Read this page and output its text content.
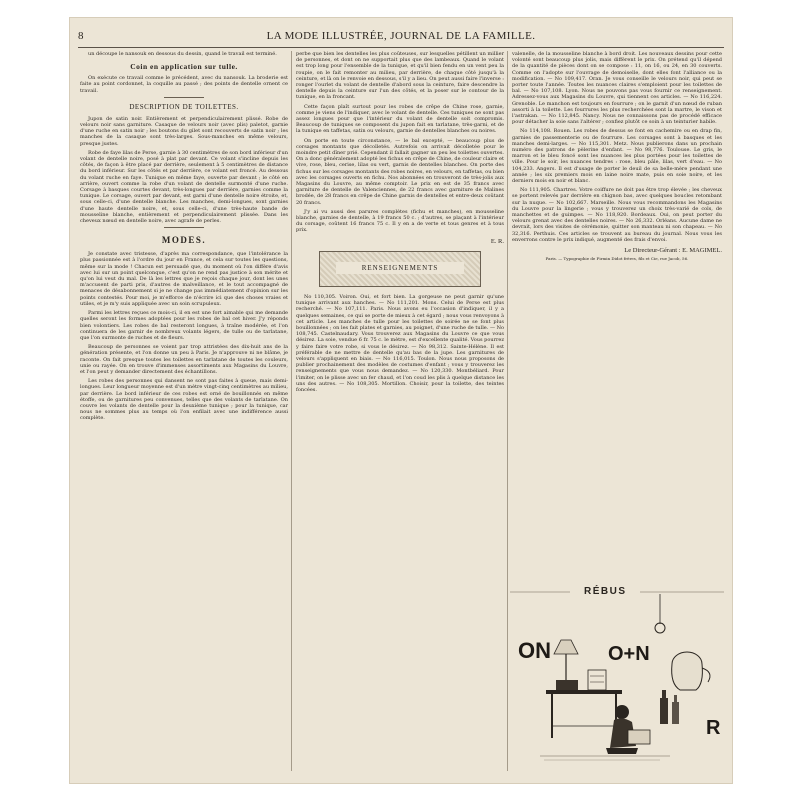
8	LA MODE ILLUSTRÉE, JOURNAL DE LA FAMILLE.

un découpe le nansouk en dessous du dessin, quand le travail est terminé.

Coin en application sur tulle.

On exécute ce travail comme le précédent, avec du nansouk. La broderie est faite au point cordonnet, la coquille au passé ; des points de dentelle ornent ce travail.

DESCRIPTION DE TOILETTES.

Jupon de satin noir. Entièrement et perpendiculairement plissé. Robe de velours noir sans garniture. Casaque de velours noir (avec plis) paletot, garnie d'une ruche en satin noir ; les boutons du gilet sont recouverts de satin noir ; les manches de la casaque sont très-larges. Sous-manches en même velours, presque justes.

Robe de faye lilas de Perse, garnie à 30 centimètres de son bord inférieur d'un volant de dentelle noire, posé à plat par devant. Ce volant s'incline depuis les côtés, de façon à être placé par derrière, seulement à 5 centimètres de distance du bord inférieur. Sur les côtés et par derrière, ce volant est froncé. Au dessous du volant ruche en faye. Tunique en même faye, ouverte par devant ; le côté en arrière, ouvert comme la robe d'un volant de dentelle surmonté d'une ruche. Corsage à basques courtes devant, très-longues par derrière, garnies comme la tunique. Le corsage, ouvert par devant, est garni d'une dentelle noire étroite, et, sous celle-ci, d'une dentelle blanche. Les manches, demi-longues, sont garnies d'une haute dentelle noire, et, sous celle-ci, d'une très-haute bande de mousseline blanche, entièrement et perpendiculairement plissée. Dans les cheveux nœud en dentelle noire, avec agrafe de perles.

MODES.

Je constate avec tristesse, d'après ma correspondance, que l'intolérance la plus passionnée est à l'ordre du jour en France, et cela sur toutes les questions, même sur la mode ! Chacun est persuadé que, du moment où l'on diffère d'avis avec lui sur un point quelconque, c'est qu'on ne rend pas justice à son mérite et qu'on lui veut du mal. De là les lettres que je reçois chaque jour, dont les unes m'accusent de parti pris, d'autres de malveillance, et le tout accompagné de menaces de désabonnement si je ne change pas immédiatement d'opinion sur les points contestés. Pour moi, je m'efforce de n'écrire ici que des choses vraies et utiles, et je m'y suis appliquée avec un soin scrupuleux.

Parmi les lettres reçues ce mois-ci, il en est une fort aimable qui me demande quelles seront les formes adoptées pour les robes de bal cet hiver. J'y réponds bien volontiers. Les robes de bal resteront longues, à traîne modérée, et l'on continuera de les garnir de nombreux volants légers, de tulle ou de tarlatane, que l'on surmonte de ruches et de fleurs.

Beaucoup de personnes se voient par trop attristées des dix-huit ans de la génération présente, et l'on donne un peu à Paris. Je n'approuve ni ne blâme, je raconte. On fait presque toutes les toilettes en tarlatane de toutes les couleurs, unie ou rayée. On en trouve d'immenses assortiments aux Magasins du Louvre, et l'on peut y demander directement des échantillons.

Les robes des personnes qui dansent ne sont pas faites à queue, mais demi-longues. Leur longueur moyenne est d'un mètre vingt-cinq centimètres au milieu, par derrière. Le bord inférieur de ces robes est orné de bouillonnés en même étoffe, ou de garnitures peu convenues, telles que des volants de tarlatane. On couvre les volants de dentelle pour la deuxième tunique ; pour la tunique, car nous ne sommes plus au temps où l'on enfilait avec une indifférence aussi complète.

perbe que bien les dentelles les plus coûteuses, sur lesquelles pétillent un millier de personnes, et dont on ne supportait plus que des lambeaux. Quand le volant est trop long pour l'ensemble de la tunique, et qu'il bien fendu en un vent peu la roupie, on le fait remonter au milieu, par derrière, de chaque côté jusqu'à la ceinture, et là on le renvoie en dessous, s'il y a lieu. On peut aussi faire l'inverse : ronger l'ourlet du volant de dentelle d'abord sous la ceinture, faire descendre la dentelle depuis la ceinture sur l'un des côtés, et la poser sur le contour de la tunique, en la froncant.

Cette façon plaît surtout pour les robes de crêpe de Chine rose, garnie, comme je viens de l'indiquer, avec le volant de dentelle. Ces tuniques ne sont pas assez longues pour que l'intérieur du volant de dentelle soit compromis. Beaucoup de tuniques se composent du jupon fait en tarlatane, très-garni, et de la tunique en taffetas, satin ou velours, garnie de dentelles blanches ou noires.

On porte en toute circonstance, — le bal excepté, — beaucoup plus de corsages montants que décolletés. Autrefois on arrivait décolletée pour le moindre petit dîner prié. Cependant il fallait gagner un peu les toilettes ouvertes. On a donc généralement adopté les fichus en crêpe de Chine, de couleur claire et vive, rose, bleu, cerise, lilas ou vert, garnis de dentelles blanches. On porte des fichus sur les corsages montants des robes noires, en velours, en taffetas, ou bien avec les corsages ouverts en fichu. Nos abonnées en trouveront de très-jolis aux Magasins du Louvre, au même comptoir. Le prix en est de 35 francs avec garniture de dentelle de Valenciennes, de 22 francs avec garniture de Malines brodée, de 28 francs en crêpe de Chine garnis de dentelles et entre-deux coûtant 20 francs.

J'y ai vu aussi des parures complètes (fichu et manches), en mousseline blanche, garnies de dentelle, à 19 francs 50 c. ; d'autres, se plaçant à l'intérieur du corsage, coûtent 16 francs 75 c. Il y en a de verte et tous genres et à tous prix.

E. R.
RENSEIGNEMENTS

No 110,305. Voiron. Oui, et fort bien. La gorgeuse ne peut garnir qu'une tunique arrivant aux hanches. — No 111,201. Mons. Celui de Perse est plus recherché. — No 107,111. Paris. Nous avons eu l'occasion d'indiquer, il y a quelques semaines, ce qui se porte de mieux à cet égard ; nous vous renvoyons à cet article. Les manches de tulle pour les toilettes de soirée ne se font plus bouillonnées ; on les fait plates et garnies, au poignet, d'une ruche de tulle. — No 108,745. Castelnaudary. Vous trouverez aux Magasins du Louvre ce que vous désirez. La soie, vendue 6 fr. 75 c. le mètre, est d'excellente qualité. Vous pourrez y faire faire votre robe, si vous le désirez. — No 98,312. Sainte-Hélène. Il est préférable de ne mettre de dentelle qu'au bas de la jupe. Les garnitures de velours s'appliquent en biais. — No 116,015. Toulon. Nous nous proposons de publier prochainement des modèles de costumes d'enfant ; vous y trouverez les renseignements que vous nous demandez. — No 120,330. Montbéliard. Pour l'imiter, on le plisse avec un fer chaud, et l'on coud les plis à quelque distance les uns des autres. — No 108,305. Mortillon. Choisir, pour la toilette, des teintes foncées.

valenelle, de la mousseline blanche à bord droit. Les nouveaux dessins pour cette volonté sont beaucoup plus jolis, mais diffèrent le prix. On prétend qu'il dépend de la quantité de pièces dont on se compose : 11, on 16, ou 24, en 30 couverts. Comme on l'adopte sur l'ouvrage de demoiselle, dont elles font l'alliance ou la modification. — No 109,417. Oran. Je vous conseille le velours noir, qui peut se porter toute l'année. Toutes les nuances claires s'emploient pour les toilettes de bal. — No 107,108. Lyon. Nous ne pouvons pas vous fournir ce renseignement. Adressez-vous aux Magasins du Louvre, qui tiennent ces articles. — No 116,224. Grenoble. Le manchon est toujours en fourrure ; on le garnit d'un nœud de ruban assorti à la toilette. Les fourrures les plus recherchées sont la martre, le vison et l'astrakan. — No 112,845. Nancy. Nous ne connaissons pas de procédé efficace pour détacher la soie sans l'altérer ; confiez plutôt ce soin à un teinturier habile.

No 114,108. Rouen. Les robes de dessus se font en cachemire ou en drap fin, garnies de passementerie ou de fourrure. Les corsages sont à basques et les manches demi-larges. — No 115,301. Metz. Nous publierons dans un prochain numéro des patrons de pèlerine d'enfant. — No 98,776. Toulouse. Le gris, le marron et le bleu foncé sont les nuances les plus portées pour les toilettes de ville. Pour le soir, les nuances tendres : rose, bleu pâle, lilas, vert d'eau. — No 104,233. Angers. Il est d'usage de porter le deuil de sa belle-mère pendant une année ; les six premiers mois en laine noire mate, puis en soie noire, et les derniers mois en noir et blanc.

No 111,905. Chartres. Votre coiffure ne doit pas être trop élevée ; les cheveux se portent relevés par derrière en chignon bas, avec quelques boucles retombant sur la nuque. — No 102,667. Marseille. Nous vous recommandons les Magasins du Louvre pour la lingerie ; vous y trouverez un choix très-varié de cols, de manchettes et de guimpes. — No 118,920. Bordeaux. Oui, on peut porter du velours grenat avec des dentelles noires. — No 26,332. Orléans. Aucune dame ne devrait, lors des visites de cérémonie, quitter son manteau ni son chapeau. — No 32,316. Perthuis. Ces articles se trouvent au bureau du journal. Nous vous les enverrons contre le prix indiqué, augmenté des frais d'envoi.

Le Directeur-Gérant : E. MAGIMEL.
Paris. — Typographie de Firmin Didot frères, fils et Cie, rue Jacob, 56.
RÉBUS
ON	O+N
R
